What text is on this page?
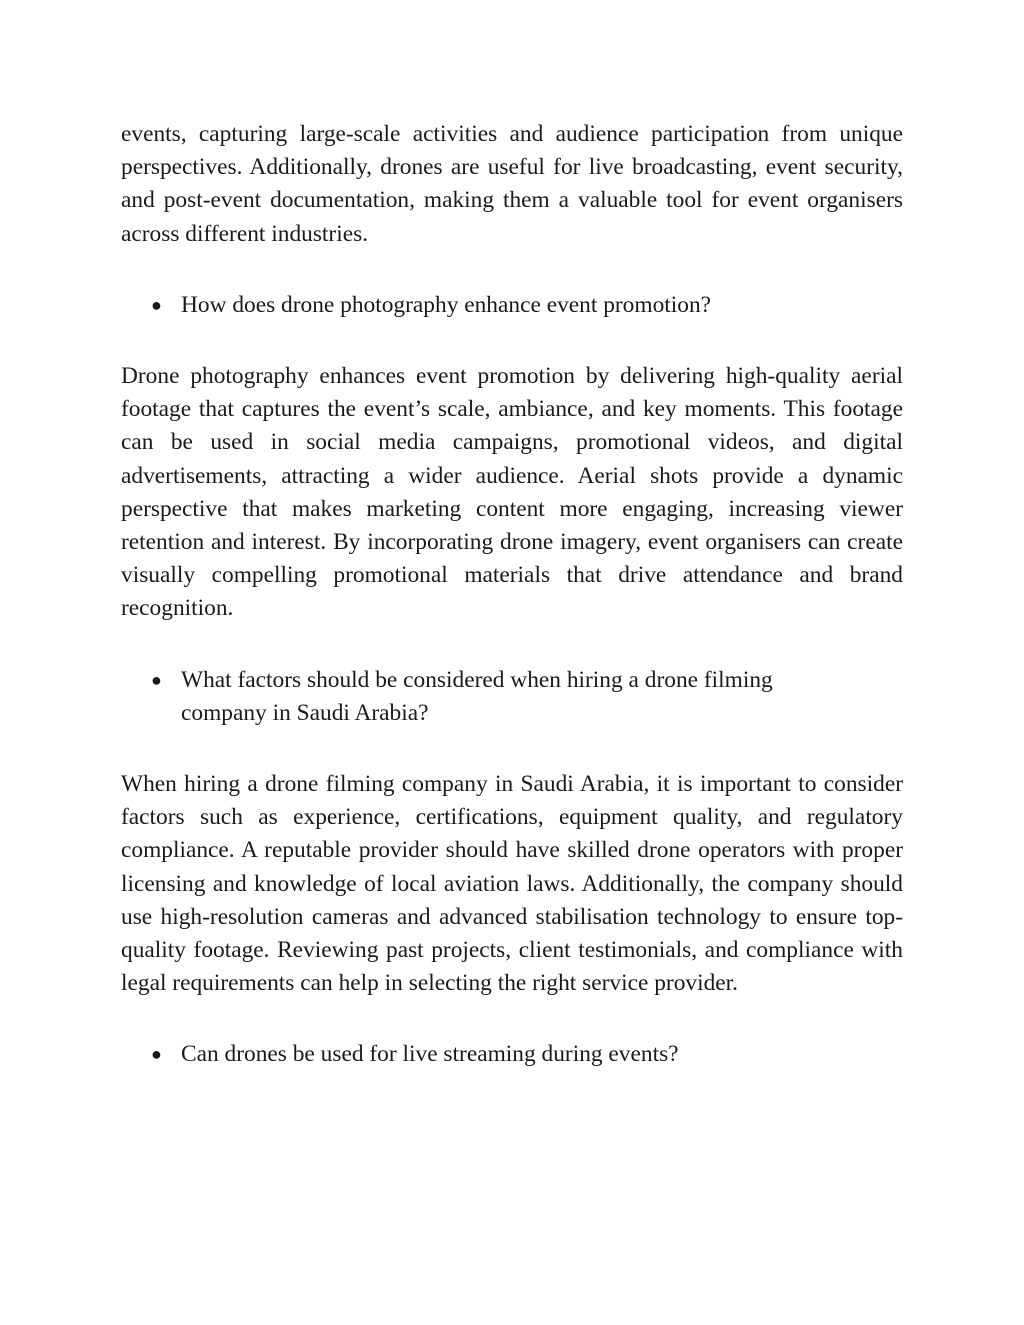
events, capturing large-scale activities and audience participation from unique perspectives. Additionally, drones are useful for live broadcasting, event security, and post-event documentation, making them a valuable tool for event organisers across different industries.

● How does drone photography enhance event promotion?

Drone photography enhances event promotion by delivering high-quality aerial footage that captures the event’s scale, ambiance, and key moments. This footage can be used in social media campaigns, promotional videos, and digital advertisements, attracting a wider audience. Aerial shots provide a dynamic perspective that makes marketing content more engaging, increasing viewer retention and interest. By incorporating drone imagery, event organisers can create visually compelling promotional materials that drive attendance and brand recognition.

● What factors should be considered when hiring a drone filming company in Saudi Arabia?

When hiring a drone filming company in Saudi Arabia, it is important to consider factors such as experience, certifications, equipment quality, and regulatory compliance. A reputable provider should have skilled drone operators with proper licensing and knowledge of local aviation laws. Additionally, the company should use high-resolution cameras and advanced stabilisation technology to ensure top-quality footage. Reviewing past projects, client testimonials, and compliance with legal requirements can help in selecting the right service provider.

● Can drones be used for live streaming during events?
